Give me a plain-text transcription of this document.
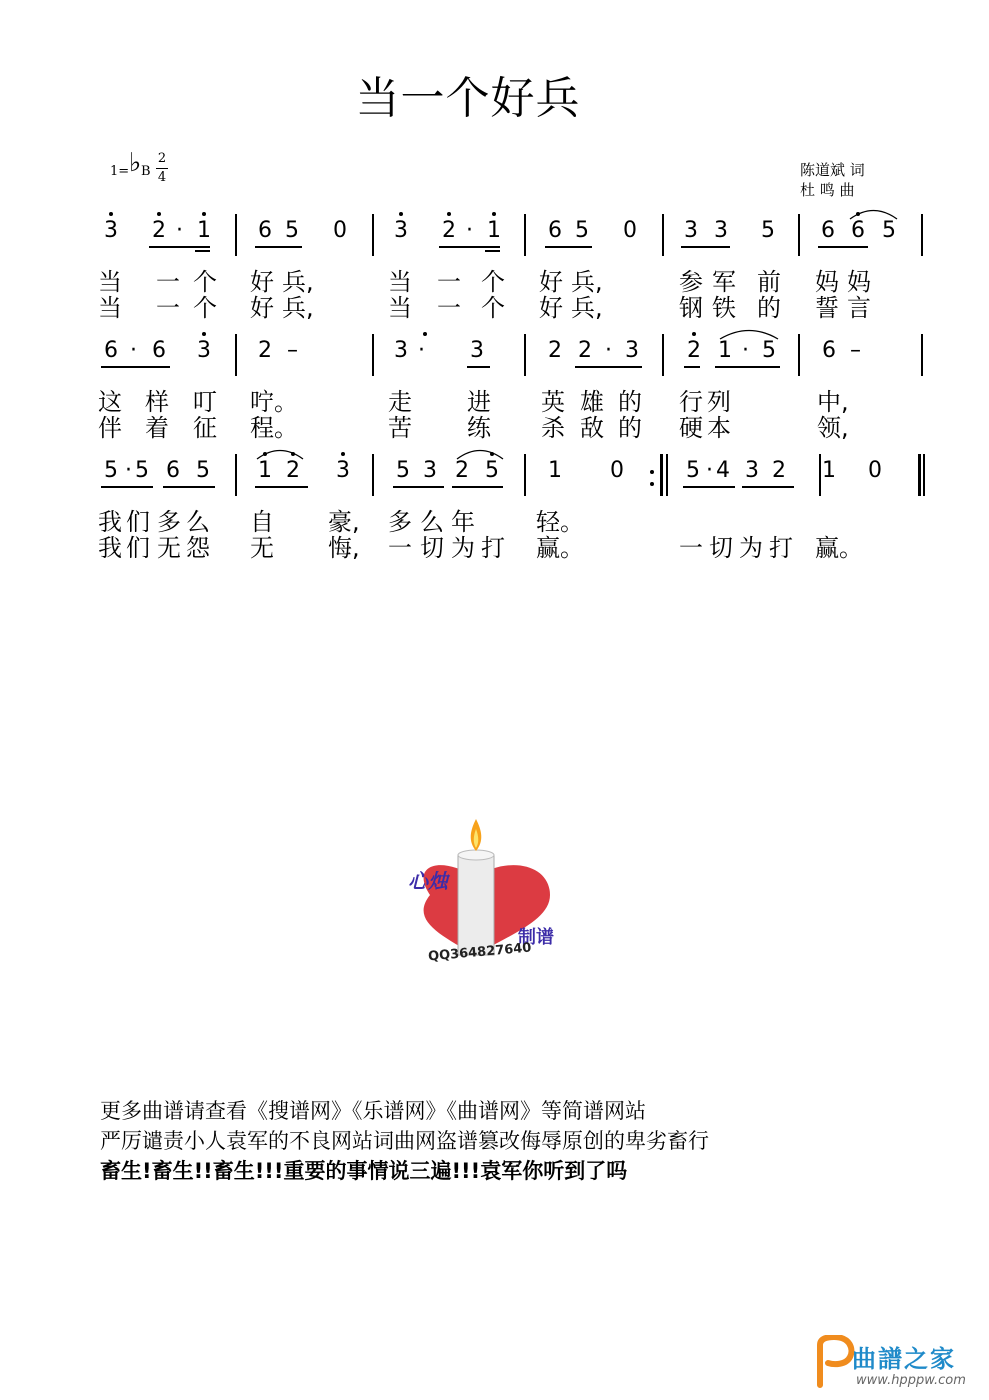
当一个好兵
1= ♭ B
2
4	陈道斌 词
杜 鸣 曲
3 2 · 1 6 5 0 3 2 · 1 6 5 0 3 3 5 6 6 5
当 一 个 好 兵,	当 一 个 好 兵,	参 军 前 妈 妈
当 一 个 好 兵,	当 一 个 好 兵,	钢 铁 的 誓 言
6 · 6 3 2 –	3 · 3	2 2 · 3 2 1 · 5 6 –
这 样 叮 咛。	走 进 英 雄 的 行 列	中,
伴 着 征 程。	苦 练 杀 敌 的 硬 本	领,
5 · 5 6 5 1 2 3 5 3 2 5 1 0	5 · 4 3 2 1 0
我 们 多 么 自 豪, 多 么 年	轻。
我 们 无 怨 无 悔, 一 切 为 打 赢。	一 切 为 打 赢。
心烛
制谱
QQ364827640
更多曲谱请查看《搜谱网》《乐谱网》《曲谱网》等简谱网站
严厉谴责小人袁军的不良网站词曲网盗谱篡改侮辱原创的卑劣畜行
畜生!畜生!!畜生!!!重要的事情说三遍!!!袁军你听到了吗
曲譜之家
www.hpppw.com
